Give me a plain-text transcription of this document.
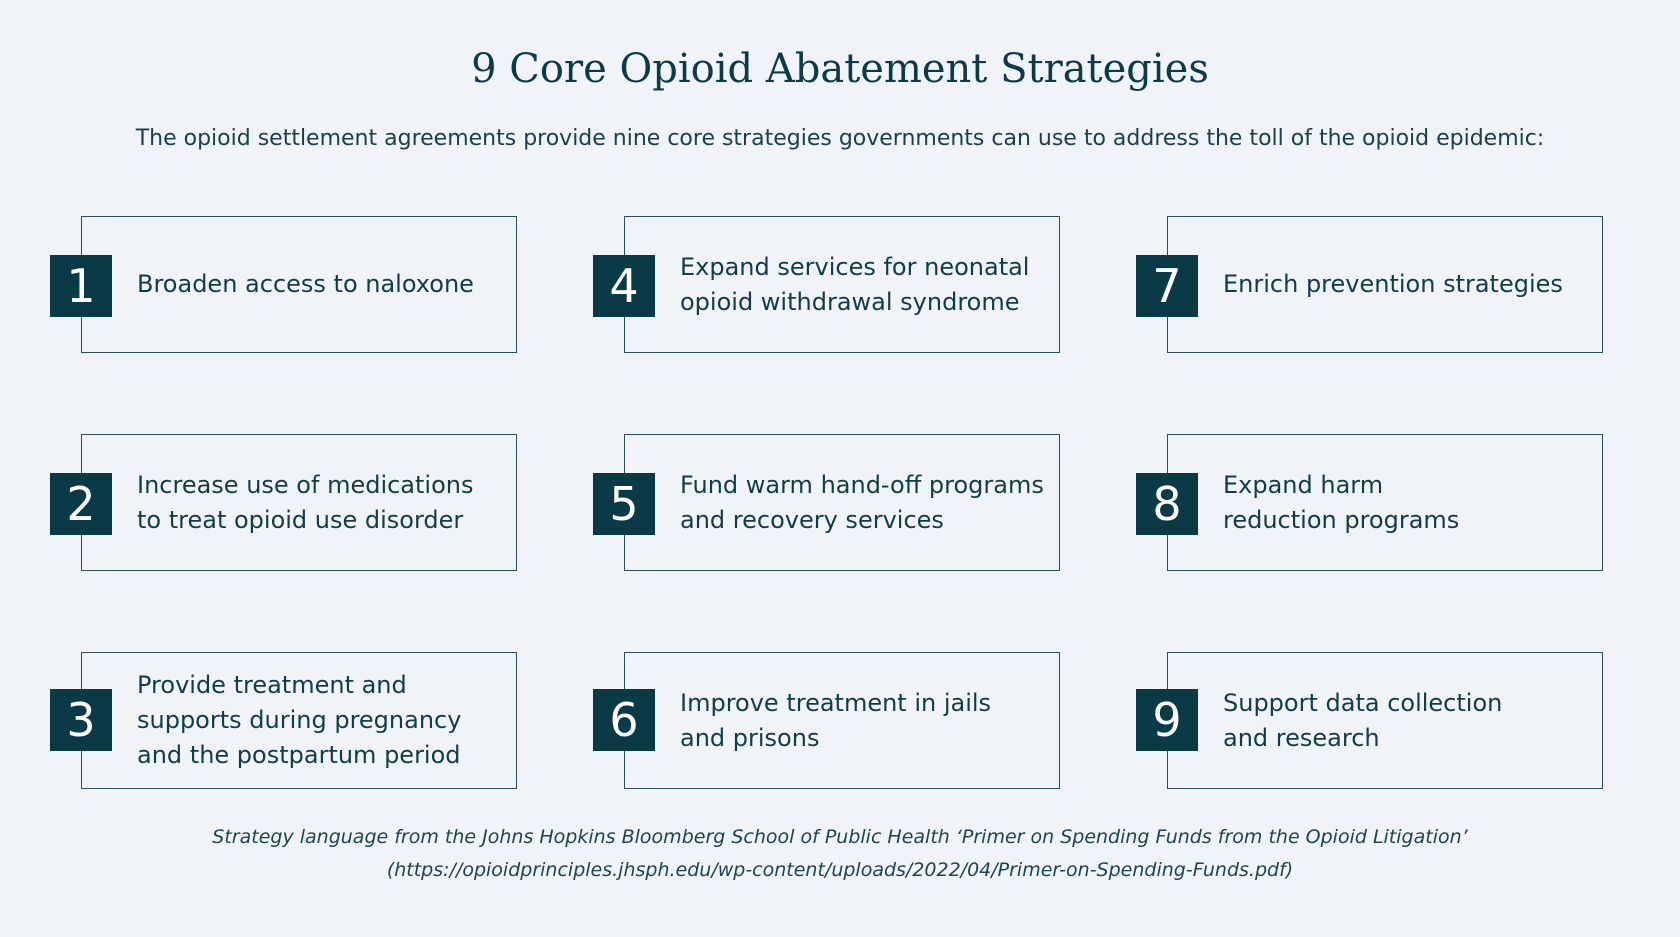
9 Core Opioid Abatement Strategies
The opioid settlement agreements provide nine core strategies governments can use to address the toll of the opioid epidemic:
Broaden access to naloxone
1
Increase use of medications
to treat opioid use disorder
2
Provide treatment and
supports during pregnancy
and the postpartum period
3
Expand services for neonatal
opioid withdrawal syndrome
4
Fund warm hand-off programs
and recovery services
5
Improve treatment in jails
and prisons
6
Enrich prevention strategies
7
Expand harm
reduction programs
8
Support data collection
and research
9
Strategy language from the Johns Hopkins Bloomberg School of Public Health ‘Primer on Spending Funds from the Opioid Litigation’
(https://opioidprinciples.jhsph.edu/wp-content/uploads/2022/04/Primer-on-Spending-Funds.pdf)
